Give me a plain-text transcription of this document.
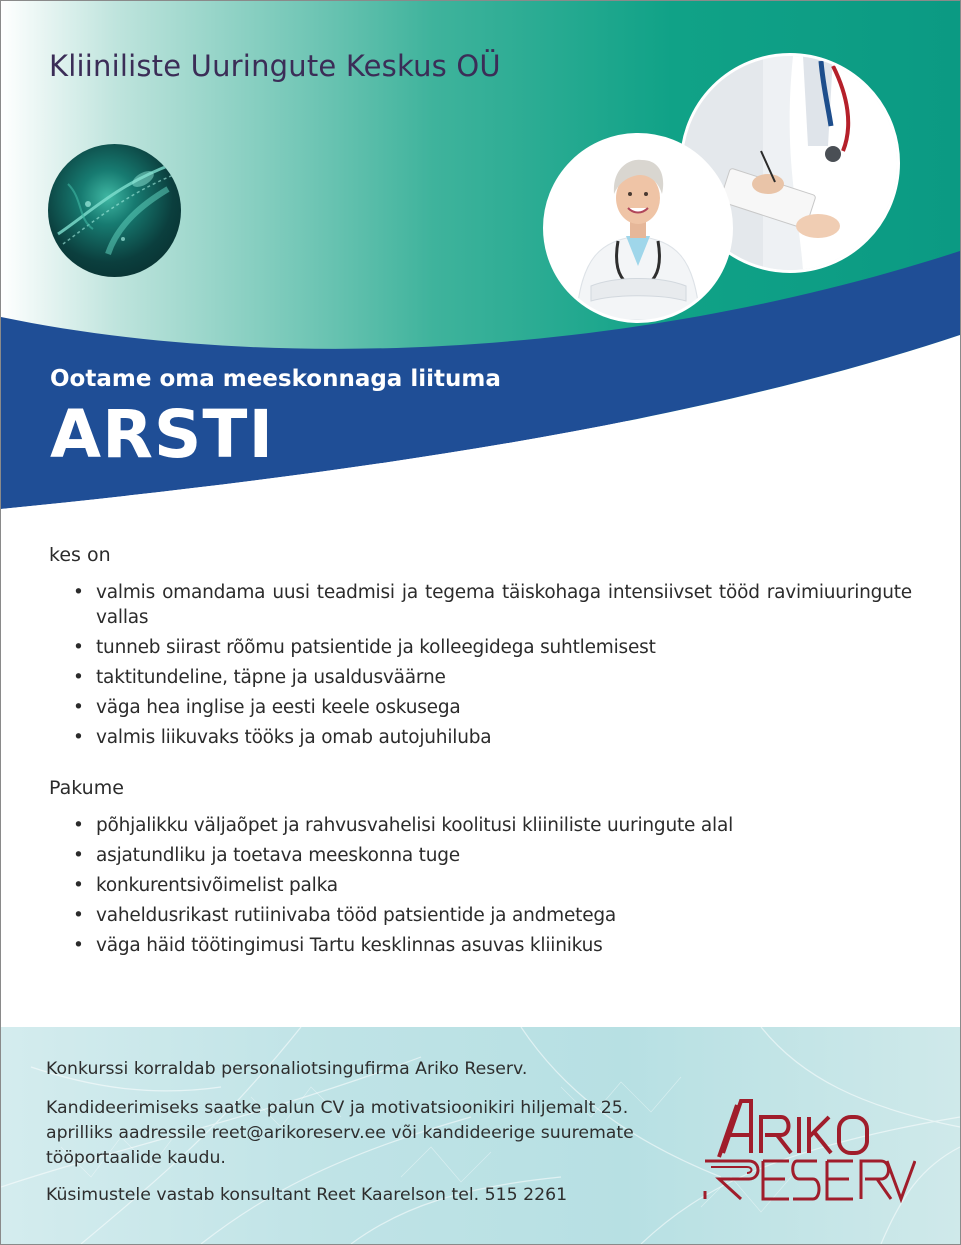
Kliiniliste Uuringute Keskus OÜ

Ootame oma meeskonnaga liituma

ARSTI

kes on

• valmis omandama uusi teadmisi ja tegema täiskohaga intensiivset tööd ravimiuuringute vallas
• tunneb siirast rõõmu patsientide ja kolleegidega suhtlemisest
• taktitundeline, täpne ja usaldusväärne
• väga hea inglise ja eesti keele oskusega
• valmis liikuvaks tööks ja omab autojuhiluba

Pakume

• põhjalikku väljaõpet ja rahvusvahelisi koolitusi kliiniliste uuringute alal
• asjatundliku ja toetava meeskonna tuge
• konkurentsivõimelist palka
• vaheldusrikast rutiinivaba tööd patsientide ja andmetega
• väga häid töötingimusi Tartu kesklinnas asuvas kliinikus

Konkurssi korraldab personaliotsingufirma Ariko Reserv.

Kandideerimiseks saatke palun CV ja motivatsioonikiri hiljemalt 25. aprilliks aadressile reet@arikoreserv.ee või kandideerige suuremate tööportaalide kaudu.

Küsimustele vastab konsultant Reet Kaarelson tel. 515 2261
